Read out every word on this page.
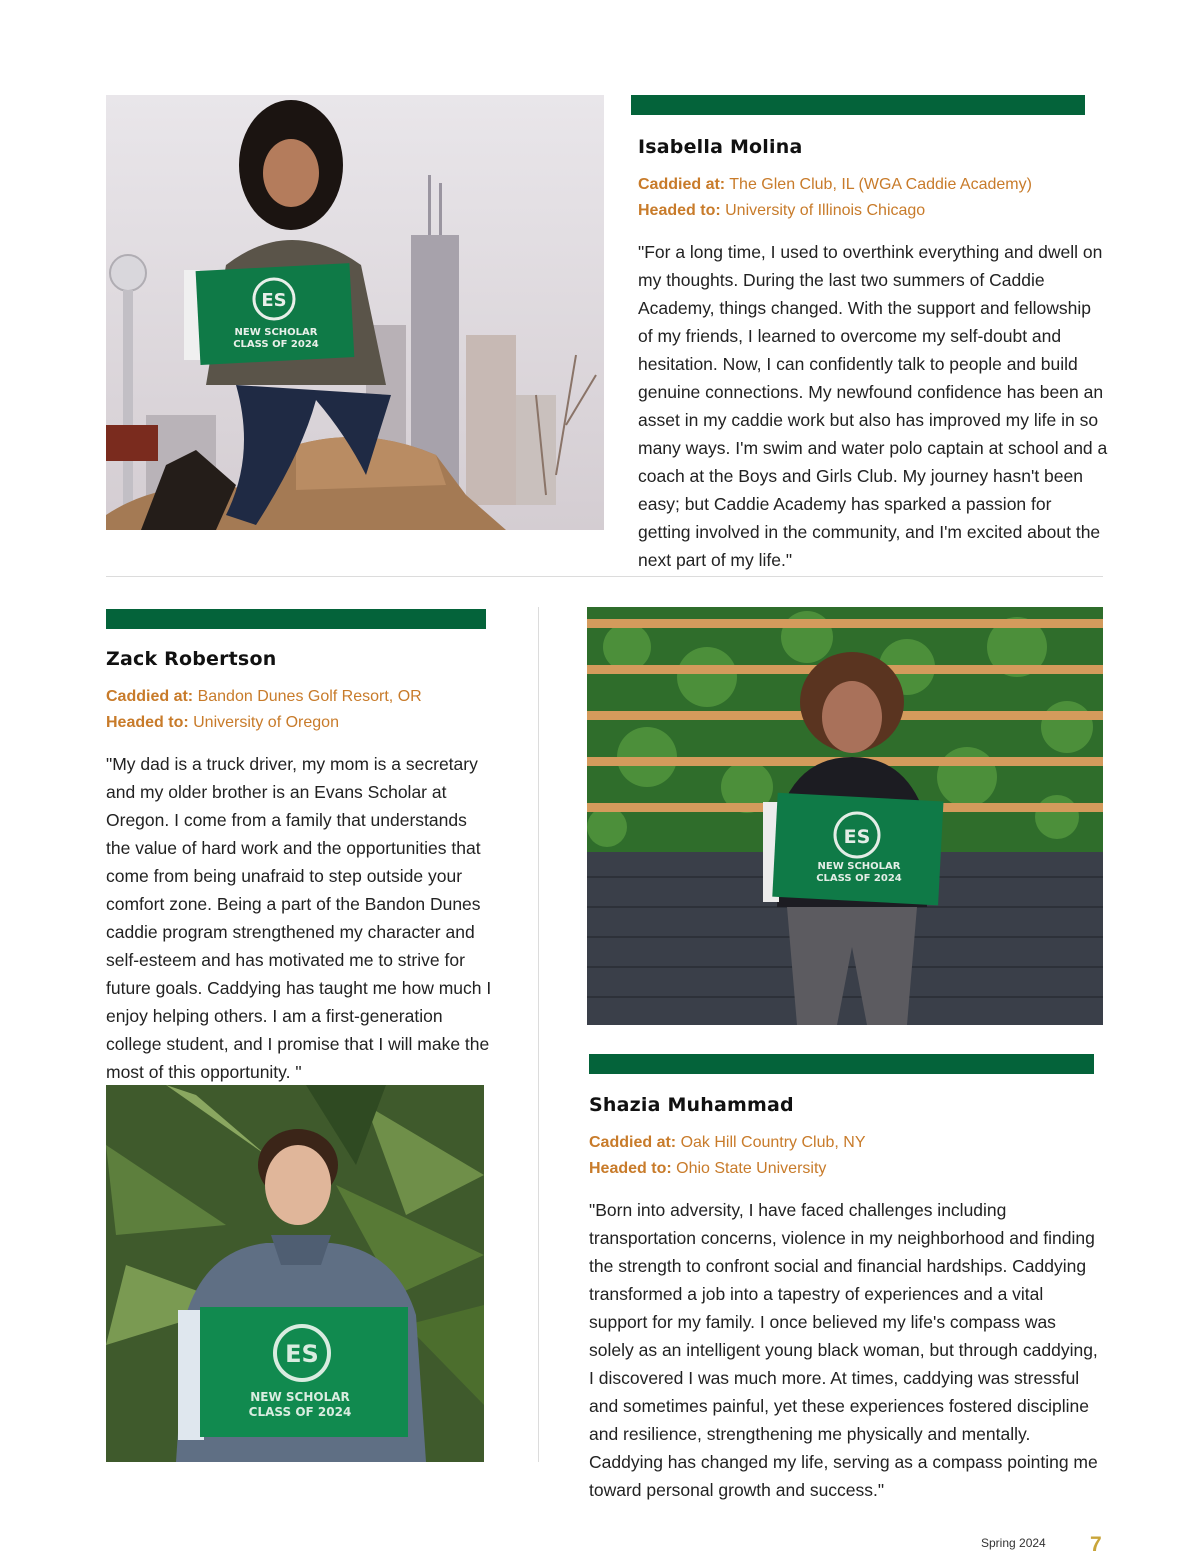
ES
NEW SCHOLAR
CLASS OF 2024
Isabella Molina
Caddied at: The Glen Club, IL (WGA Caddie Academy)
Headed to: University of Illinois Chicago
"For a long time, I used to overthink everything and dwell on my thoughts. During the last two summers of Caddie Academy, things changed. With the support and fellowship of my friends, I learned to overcome my self-doubt and hesitation. Now, I can confidently talk to people and build genuine connections. My newfound confidence has been an asset in my caddie work but also has improved my life in so many ways. I'm swim and water polo captain at school and a coach at the Boys and Girls Club. My journey hasn't been easy; but Caddie Academy has sparked a passion for getting involved in the community, and I'm excited about the next part of my life."
Zack Robertson
Caddied at: Bandon Dunes Golf Resort, OR
Headed to: University of Oregon
"My dad is a truck driver, my mom is a secretary and my older brother is an Evans Scholar at Oregon. I come from a family that understands the value of hard work and the opportunities that come from being unafraid to step outside your comfort zone. Being a part of the Bandon Dunes caddie program strengthened my character and self-esteem and has motivated me to strive for future goals. Caddying has taught me how much I enjoy helping others. I am a first-generation college student, and I promise that I will make the most of this opportunity. "
ES
NEW SCHOLAR
CLASS OF 2024
ES
NEW SCHOLAR
CLASS OF 2024
Shazia Muhammad
Caddied at: Oak Hill Country Club, NY
Headed to: Ohio State University
"Born into adversity, I have faced challenges including transportation concerns, violence in my neighborhood and finding the strength to confront social and financial hardships. Caddying transformed a job into a tapestry of experiences and a vital support for my family. I once believed my life's compass was solely as an intelligent young black woman, but through caddying, I discovered I was much more. At times, caddying was stressful and sometimes painful, yet these experiences fostered discipline and resilience, strengthening me physically and mentally. Caddying has changed my life, serving as a compass pointing me toward personal growth and success."
Spring 2024 7
